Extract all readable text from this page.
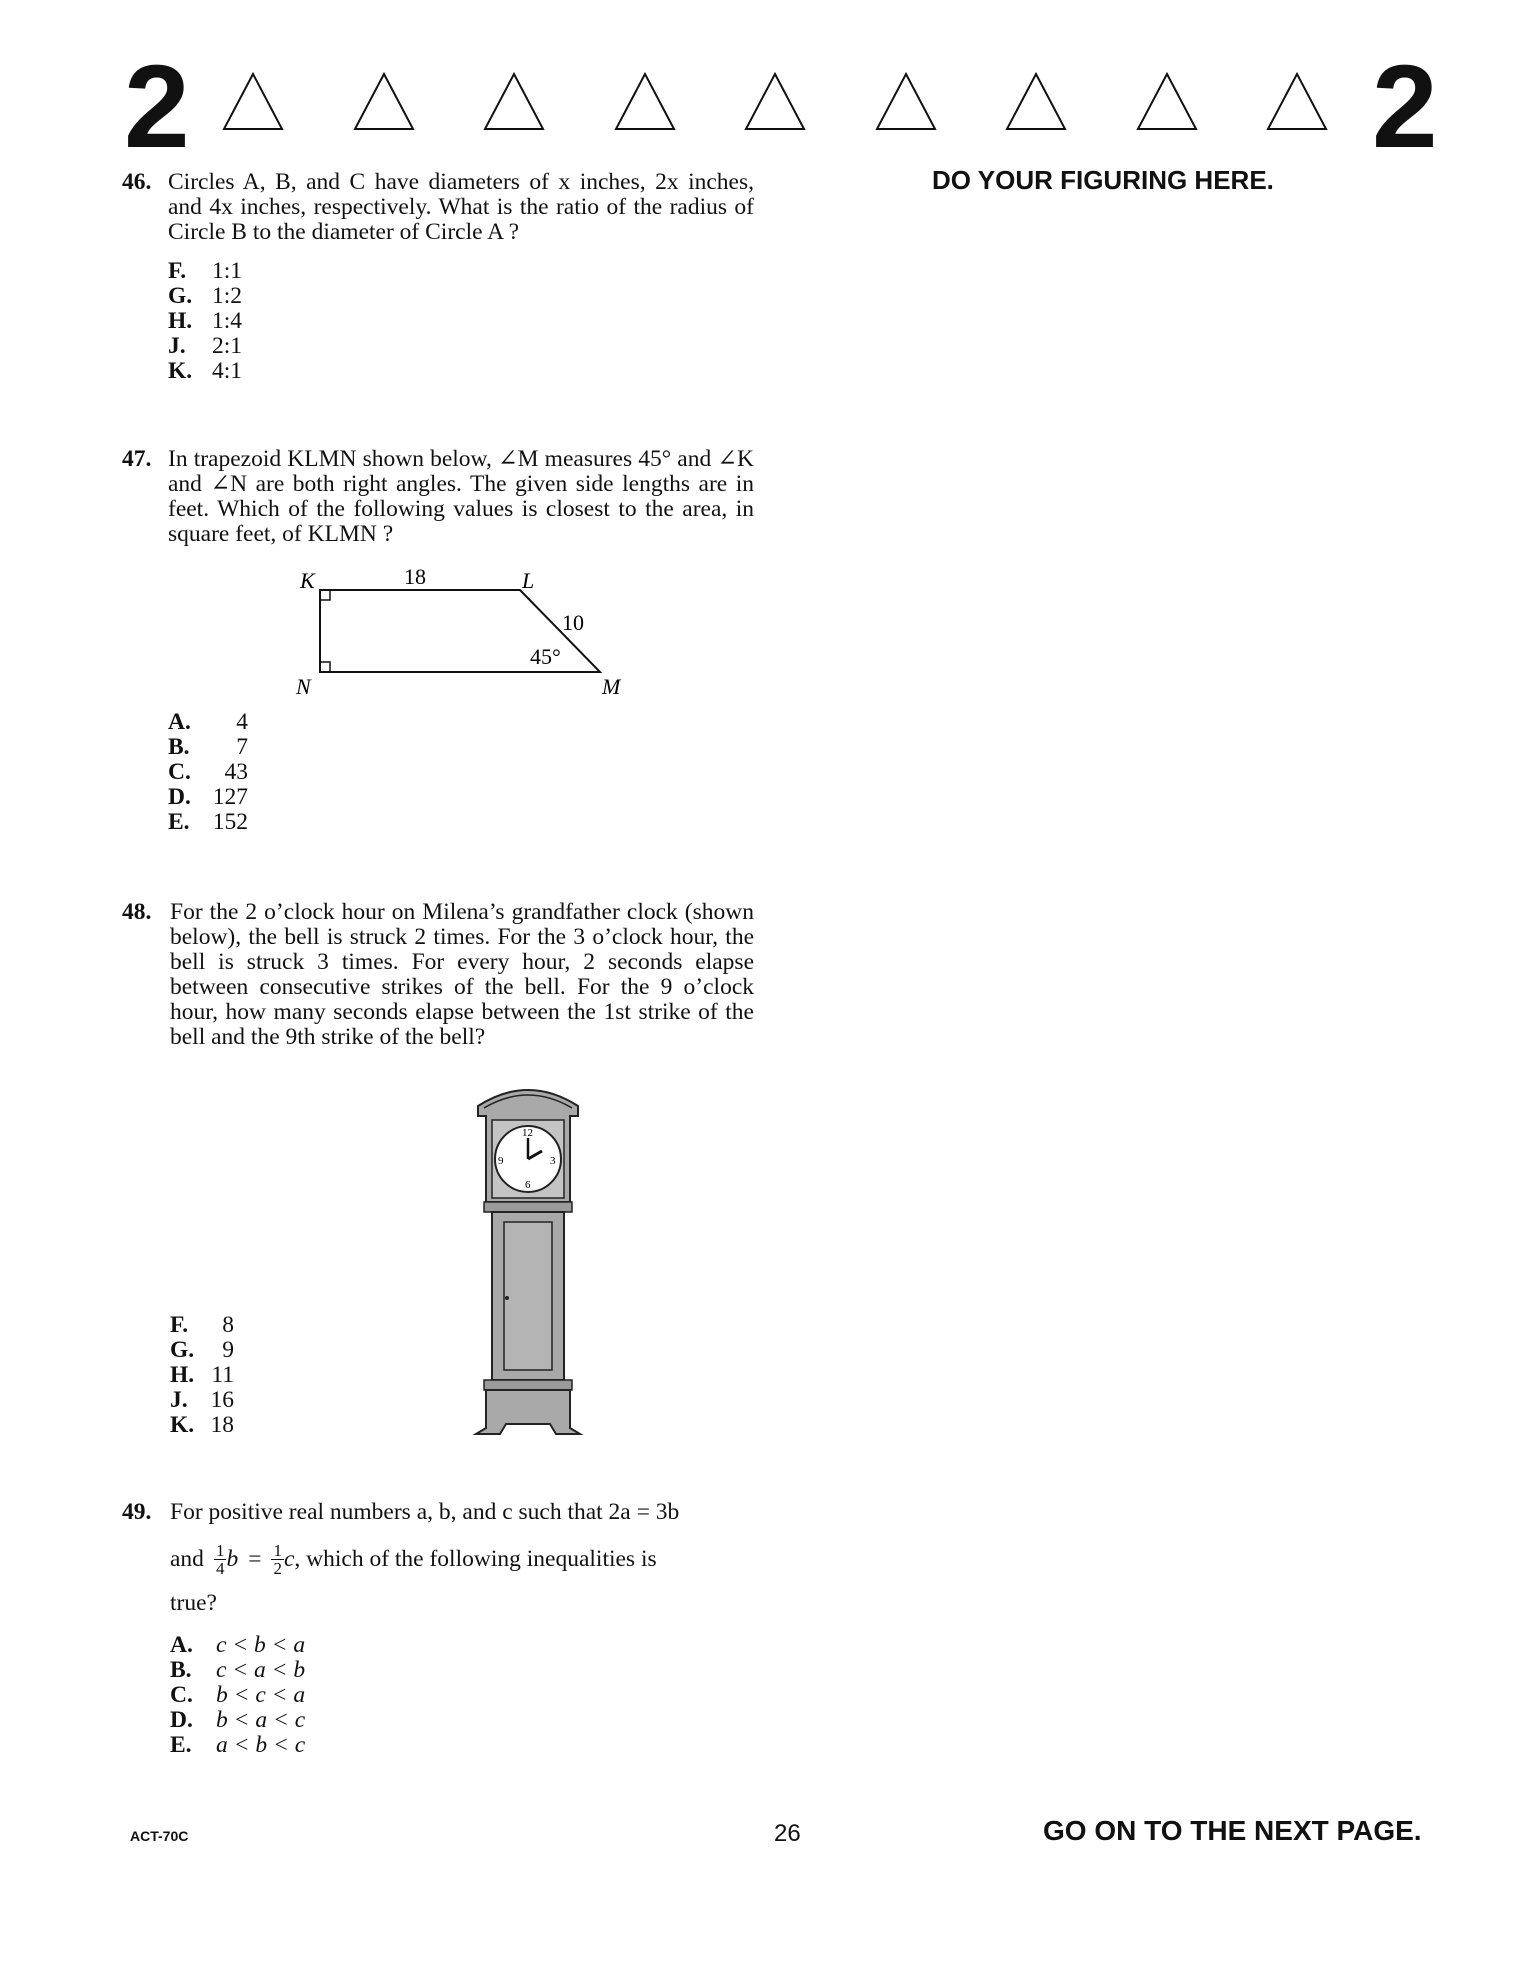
2	2
DO YOUR FIGURING HERE.
46. Circles A, B, and C have diameters of x inches, 2x inches, and 4x inches, respectively. What is the ratio of the radius of Circle B to the diameter of Circle A ?
F.	1:1
G. 1:2
H. 1:4
J.	2:1
K. 4:1
47. In trapezoid KLMN shown below, ∠M measures 45° and ∠K and ∠N are both right angles. The given side lengths are in feet. Which of the following values is closest to the area, in square feet, of KLMN ?
K	L
M
N
18
10
45°
A.	4
B.	7
C.	43
D. 127
E. 152
48. For the 2 o’clock hour on Milena’s grandfather clock (shown below), the bell is struck 2 times. For the 3 o’clock hour, the bell is struck 3 times. For every hour, 2 seconds elapse between consecutive strikes of the bell. For the 9 o’clock hour, how many seconds elapse between the 1st strike of the bell and the 9th strike of the bell?
12
3
6
9
F.	8
G.	9
H. 11
J. 16
K. 18
49. For positive real numbers a, b, and c such that 2a = 3b
and $\frac{1}{4}$ $b = \frac{1}{2}$ c , which of the following inequalities is
true?
A. c < b < a
B.	c < a < b
C. b < c < a
D. b < a < c
E.	a < b < c
ACT-70C	26	GO ON TO THE NEXT PAGE.
